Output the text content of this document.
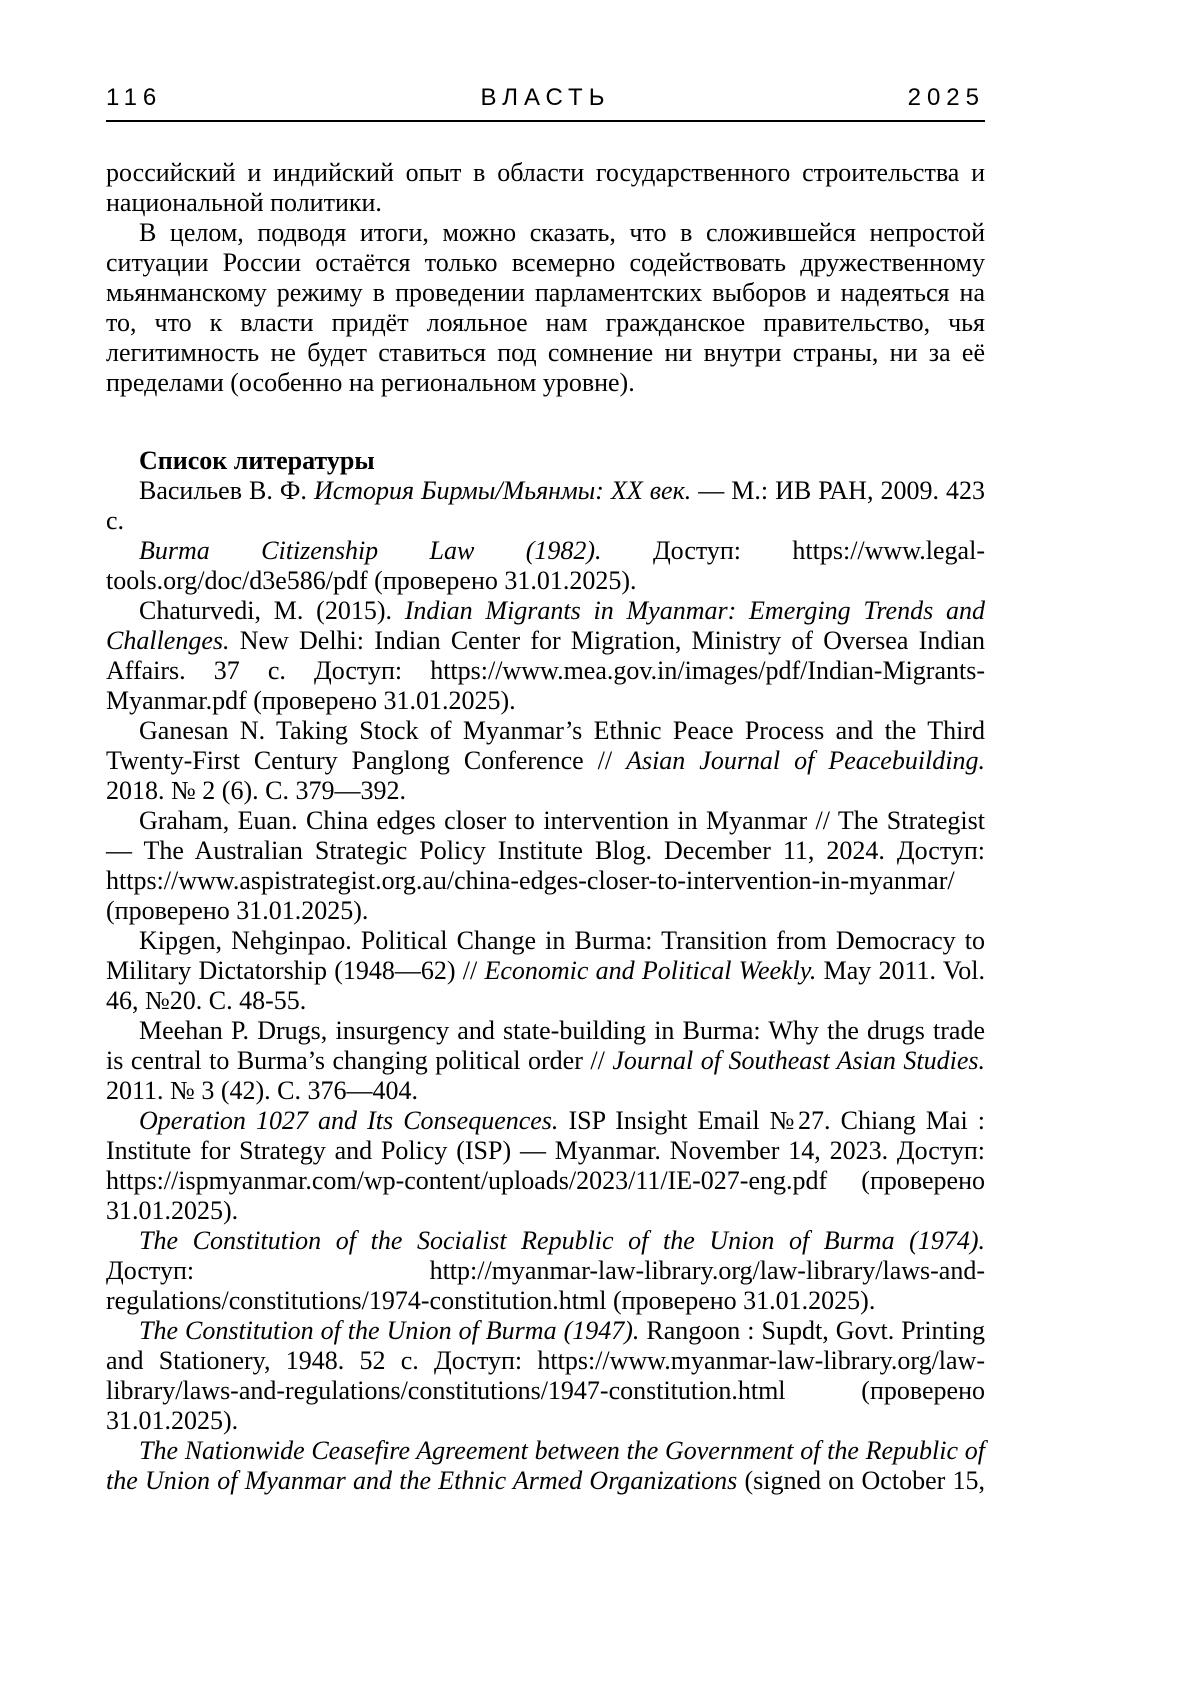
116	ВЛАСТЬ	2025

российский и индийский опыт в области государственного строительства и национальной политики.

В целом, подводя итоги, можно сказать, что в сложившейся непростой ситуации России остаётся только всемерно содействовать дружественному мьянманскому режиму в проведении парламентских выборов и надеяться на то, что к власти придёт лояльное нам гражданское правительство, чья легитимность не будет ставиться под сомнение ни внутри страны, ни за её пределами (особенно на региональном уровне).

Список литературы

Васильев В. Ф. История Бирмы/Мьянмы: XX век. — М.: ИВ РАН, 2009. 423 с.

Burma Citizenship Law (1982). Доступ: https://www.legal-tools.org/doc/d3e586/pdf (проверено 31.01.2025).

Chaturvedi, M. (2015). Indian Migrants in Myanmar: Emerging Trends and Challenges. New Delhi: Indian Center for Migration, Ministry of Oversea Indian Affairs. 37 с. Доступ: https://www.mea.gov.in/images/pdf/Indian-Migrants-Myanmar.pdf (проверено 31.01.2025).

Ganesan N. Taking Stock of Myanmar’s Ethnic Peace Process and the Third Twenty-First Century Panglong Conference // Asian Journal of Peacebuilding. 2018. № 2 (6). С. 379—392.

Graham, Euan. China edges closer to intervention in Myanmar // The Strategist — The Australian Strategic Policy Institute Blog. December 11, 2024. Доступ: https://www.aspistrategist.org.au/china-edges-closer-to-intervention-in-myanmar/ (проверено 31.01.2025).

Kipgen, Nehginpao. Political Change in Burma: Transition from Democracy to Military Dictatorship (1948—62) // Economic and Political Weekly. May 2011. Vol. 46, №20. С. 48-55.

Meehan P. Drugs, insurgency and state-building in Burma: Why the drugs trade is central to Burma’s changing political order // Journal of Southeast Asian Studies. 2011. № 3 (42). С. 376—404.

Operation 1027 and Its Consequences. ISP Insight Email №27. Chiang Mai : Institute for Strategy and Policy (ISP) — Myanmar. November 14, 2023. Доступ: https://ispmyanmar.com/wp-content/uploads/2023/11/IE-027-eng.pdf (проверено 31.01.2025).

The Constitution of the Socialist Republic of the Union of Burma (1974). Доступ: http://myanmar-law-library.org/law-library/laws-and-regulations/constitutions/1974-constitution.html (проверено 31.01.2025).

The Constitution of the Union of Burma (1947). Rangoon : Supdt, Govt. Printing and Stationery, 1948. 52 с. Доступ: https://www.myanmar-law-library.org/law-library/laws-and-regulations/constitutions/1947-constitution.html (проверено 31.01.2025).

The Nationwide Ceasefire Agreement between the Government of the Republic of the Union of Myanmar and the Ethnic Armed Organizations (signed on October 15,
